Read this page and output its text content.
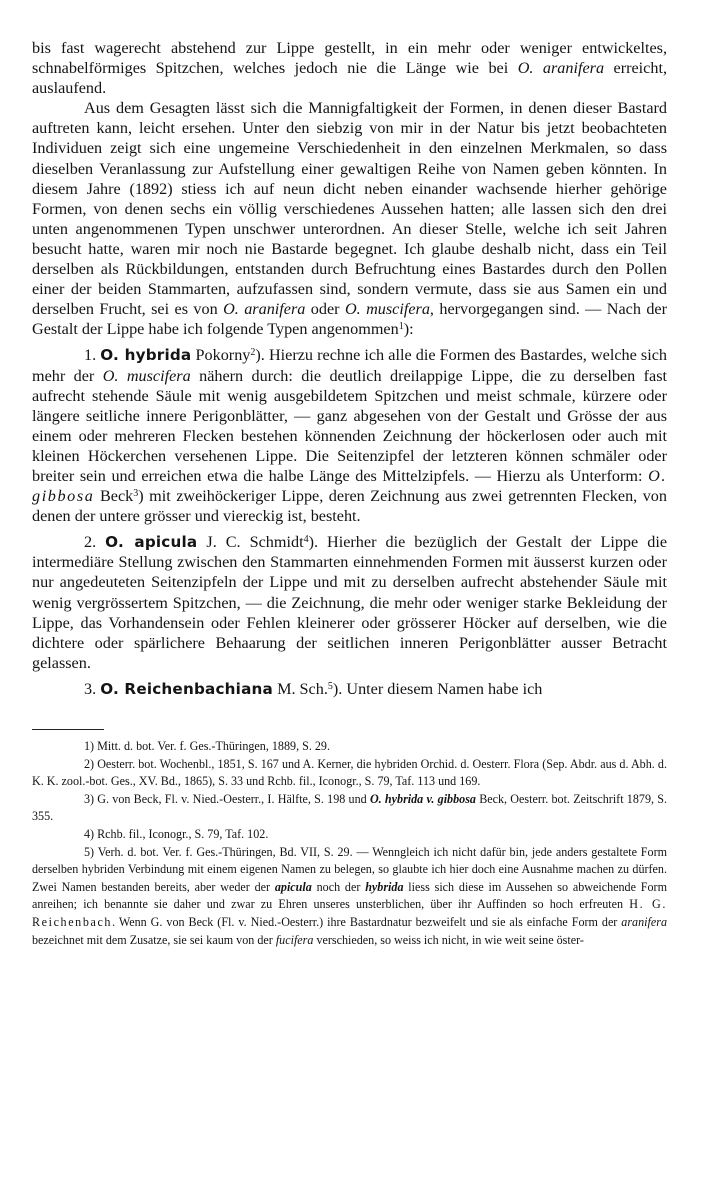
bis fast wagerecht abstehend zur Lippe gestellt, in ein mehr oder weniger entwickeltes, schnabelförmiges Spitzchen, welches jedoch nie die Länge wie bei O. aranifera erreicht, auslaufend.

Aus dem Gesagten lässt sich die Mannigfaltigkeit der Formen, in denen dieser Bastard auftreten kann, leicht ersehen. Unter den siebzig von mir in der Natur bis jetzt beobachteten Individuen zeigt sich eine ungemeine Verschiedenheit in den einzelnen Merkmalen, so dass dieselben Veranlassung zur Aufstellung einer gewaltigen Reihe von Namen geben könnten. In diesem Jahre (1892) stiess ich auf neun dicht neben einander wachsende hierher gehörige Formen, von denen sechs ein völlig verschiedenes Aussehen hatten; alle lassen sich den drei unten angenommenen Typen unschwer unterordnen. An dieser Stelle, welche ich seit Jahren besucht hatte, waren mir noch nie Bastarde begegnet. Ich glaube deshalb nicht, dass ein Teil derselben als Rückbildungen, entstanden durch Befruchtung eines Bastardes durch den Pollen einer der beiden Stammarten, aufzufassen sind, sondern vermute, dass sie aus Samen ein und derselben Frucht, sei es von O. aranifera oder O. muscifera, hervorgegangen sind. — Nach der Gestalt der Lippe habe ich folgende Typen angenommen$^1$):

1. O. hybrida Pokorny$^2$). Hierzu rechne ich alle die Formen des Bastardes, welche sich mehr der O. muscifera nähern durch: die deutlich dreilappige Lippe, die zu derselben fast aufrecht stehende Säule mit wenig ausgebildetem Spitzchen und meist schmale, kürzere oder längere seitliche innere Perigonblätter, — ganz abgesehen von der Gestalt und Grösse der aus einem oder mehreren Flecken bestehen könnenden Zeichnung der höckerlosen oder auch mit kleinen Höckerchen versehenen Lippe. Die Seitenzipfel der letzteren können schmäler oder breiter sein und erreichen etwa die halbe Länge des Mittelzipfels. — Hierzu als Unterform: O. gibbosa Beck$^3$) mit zweihöckeriger Lippe, deren Zeichnung aus zwei getrennten Flecken, von denen der untere grösser und viereckig ist, besteht.

2. O. apicula J. C. Schmidt$^4$). Hierher die bezüglich der Gestalt der Lippe die intermediäre Stellung zwischen den Stammarten einnehmenden Formen mit äusserst kurzen oder nur angedeuteten Seitenzipfeln der Lippe und mit zu derselben aufrecht abstehender Säule mit wenig vergrössertem Spitzchen, — die Zeichnung, die mehr oder weniger starke Bekleidung der Lippe, das Vorhandensein oder Fehlen kleinerer oder grösserer Höcker auf derselben, wie die dichtere oder spärlichere Behaarung der seitlichen inneren Perigonblätter ausser Betracht gelassen.

3. O. Reichenbachiana M. Sch.$^5$). Unter diesem Namen habe ich

1) Mitt. d. bot. Ver. f. Ges.-Thüringen, 1889, S. 29.

2) Oesterr. bot. Wochenbl., 1851, S. 167 und A. Kerner, die hybriden Orchid. d. Oesterr. Flora (Sep. Abdr. aus d. Abh. d. K. K. zool.-bot. Ges., XV. Bd., 1865), S. 33 und Rchb. fil., Iconogr., S. 79, Taf. 113 und 169.

3) G. von Beck, Fl. v. Nied.-Oesterr., I. Hälfte, S. 198 und O. hybrida v. gibbosa Beck, Oesterr. bot. Zeitschrift 1879, S. 355.

4) Rchb. fil., Iconogr., S. 79, Taf. 102.

5) Verh. d. bot. Ver. f. Ges.-Thüringen, Bd. VII, S. 29. — Wenngleich ich nicht dafür bin, jede anders gestaltete Form derselben hybriden Verbindung mit einem eigenen Namen zu belegen, so glaubte ich hier doch eine Ausnahme machen zu dürfen. Zwei Namen bestanden bereits, aber weder der apicula noch der hybrida liess sich diese im Aussehen so abweichende Form anreihen; ich benannte sie daher und zwar zu Ehren unseres unsterblichen, über ihr Auffinden so hoch erfreuten H. G. Reichenbach. Wenn G. von Beck (Fl. v. Nied.-Oesterr.) ihre Bastardnatur bezweifelt und sie als einfache Form der aranifera bezeichnet mit dem Zusatze, sie sei kaum von der fucifera verschieden, so weiss ich nicht, in wie weit seine öster-
